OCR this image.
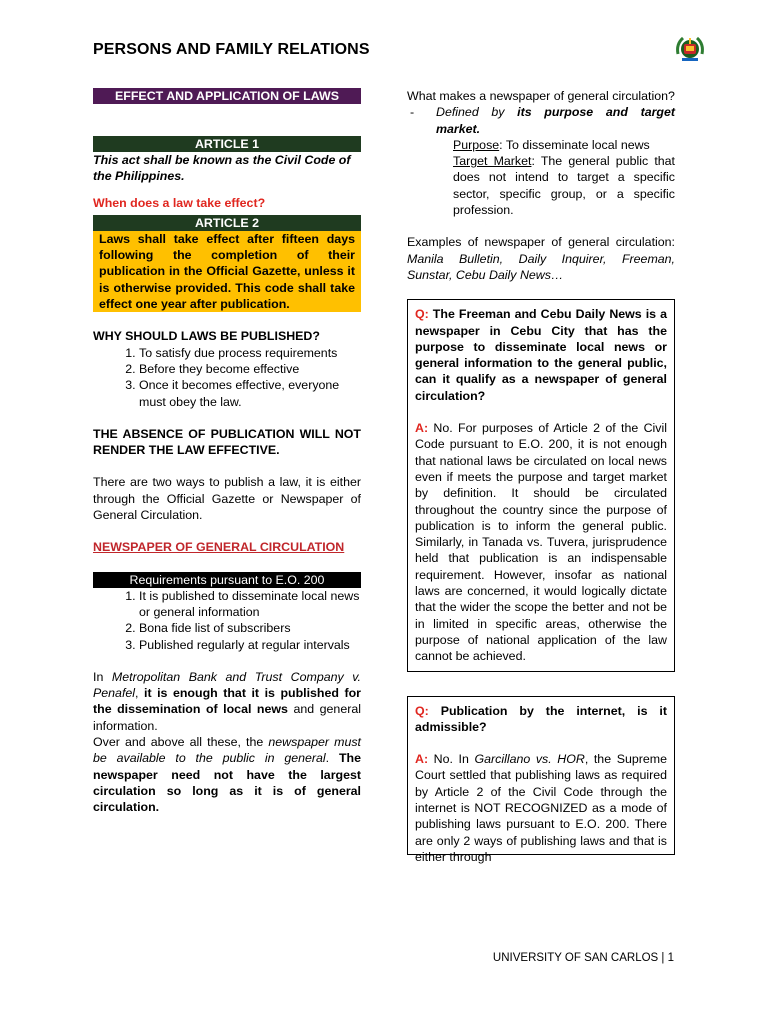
PERSONS AND FAMILY RELATIONS
EFFECT AND APPLICATION OF LAWS
ARTICLE 1

This act shall be known as the Civil Code of the Philippines.

When does a law take effect?

ARTICLE 2
Laws shall take effect after fifteen days following the completion of their publication in the Official Gazette, unless it is otherwise provided. This code shall take effect one year after publication.

WHY SHOULD LAWS BE PUBLISHED?

1. To satisfy due process requirements
2. Before they become effective
3. Once it becomes effective, everyone must obey the law.

THE ABSENCE OF PUBLICATION WILL NOT RENDER THE LAW EFFECTIVE.

There are two ways to publish a law, it is either through the Official Gazette or Newspaper of General Circulation.

NEWSPAPER OF GENERAL CIRCULATION

Requirements pursuant to E.O. 200
1. It is published to disseminate local news or general information
2. Bona fide list of subscribers
3. Published regularly at regular intervals

In Metropolitan Bank and Trust Company v. Penafel, it is enough that it is published for the dissemination of local news and general information.

Over and above all these, the newspaper must be available to the public in general. The newspaper need not have the largest circulation so long as it is of general circulation.

What makes a newspaper of general circulation?

-	Defined by its purpose and target market.

Purpose: To disseminate local news

Target Market: The general public that does not intend to target a specific sector, specific group, or a specific profession.

Examples of newspaper of general circulation: Manila Bulletin, Daily Inquirer, Freeman, Sunstar, Cebu Daily News…

Q: The Freeman and Cebu Daily News is a newspaper in Cebu City that has the purpose to disseminate local news or general information to the general public, can it qualify as a newspaper of general circulation?

A: No. For purposes of Article 2 of the Civil Code pursuant to E.O. 200, it is not enough that national laws be circulated on local news even if meets the purpose and target market by definition. It should be circulated throughout the country since the purpose of publication is to inform the general public. Similarly, in Tanada vs. Tuvera, jurisprudence held that publication is an indispensable requirement. However, insofar as national laws are concerned, it would logically dictate that the wider the scope the better and not be in limited in specific areas, otherwise the purpose of national application of the law cannot be achieved.

Q: Publication by the internet, is it admissible?

A: No. In Garcillano vs. HOR, the Supreme Court settled that publishing laws as required by Article 2 of the Civil Code through the internet is NOT RECOGNIZED as a mode of publishing laws pursuant to E.O. 200. There are only 2 ways of publishing laws and that is either through

UNIVERSITY OF SAN CARLOS | 1
